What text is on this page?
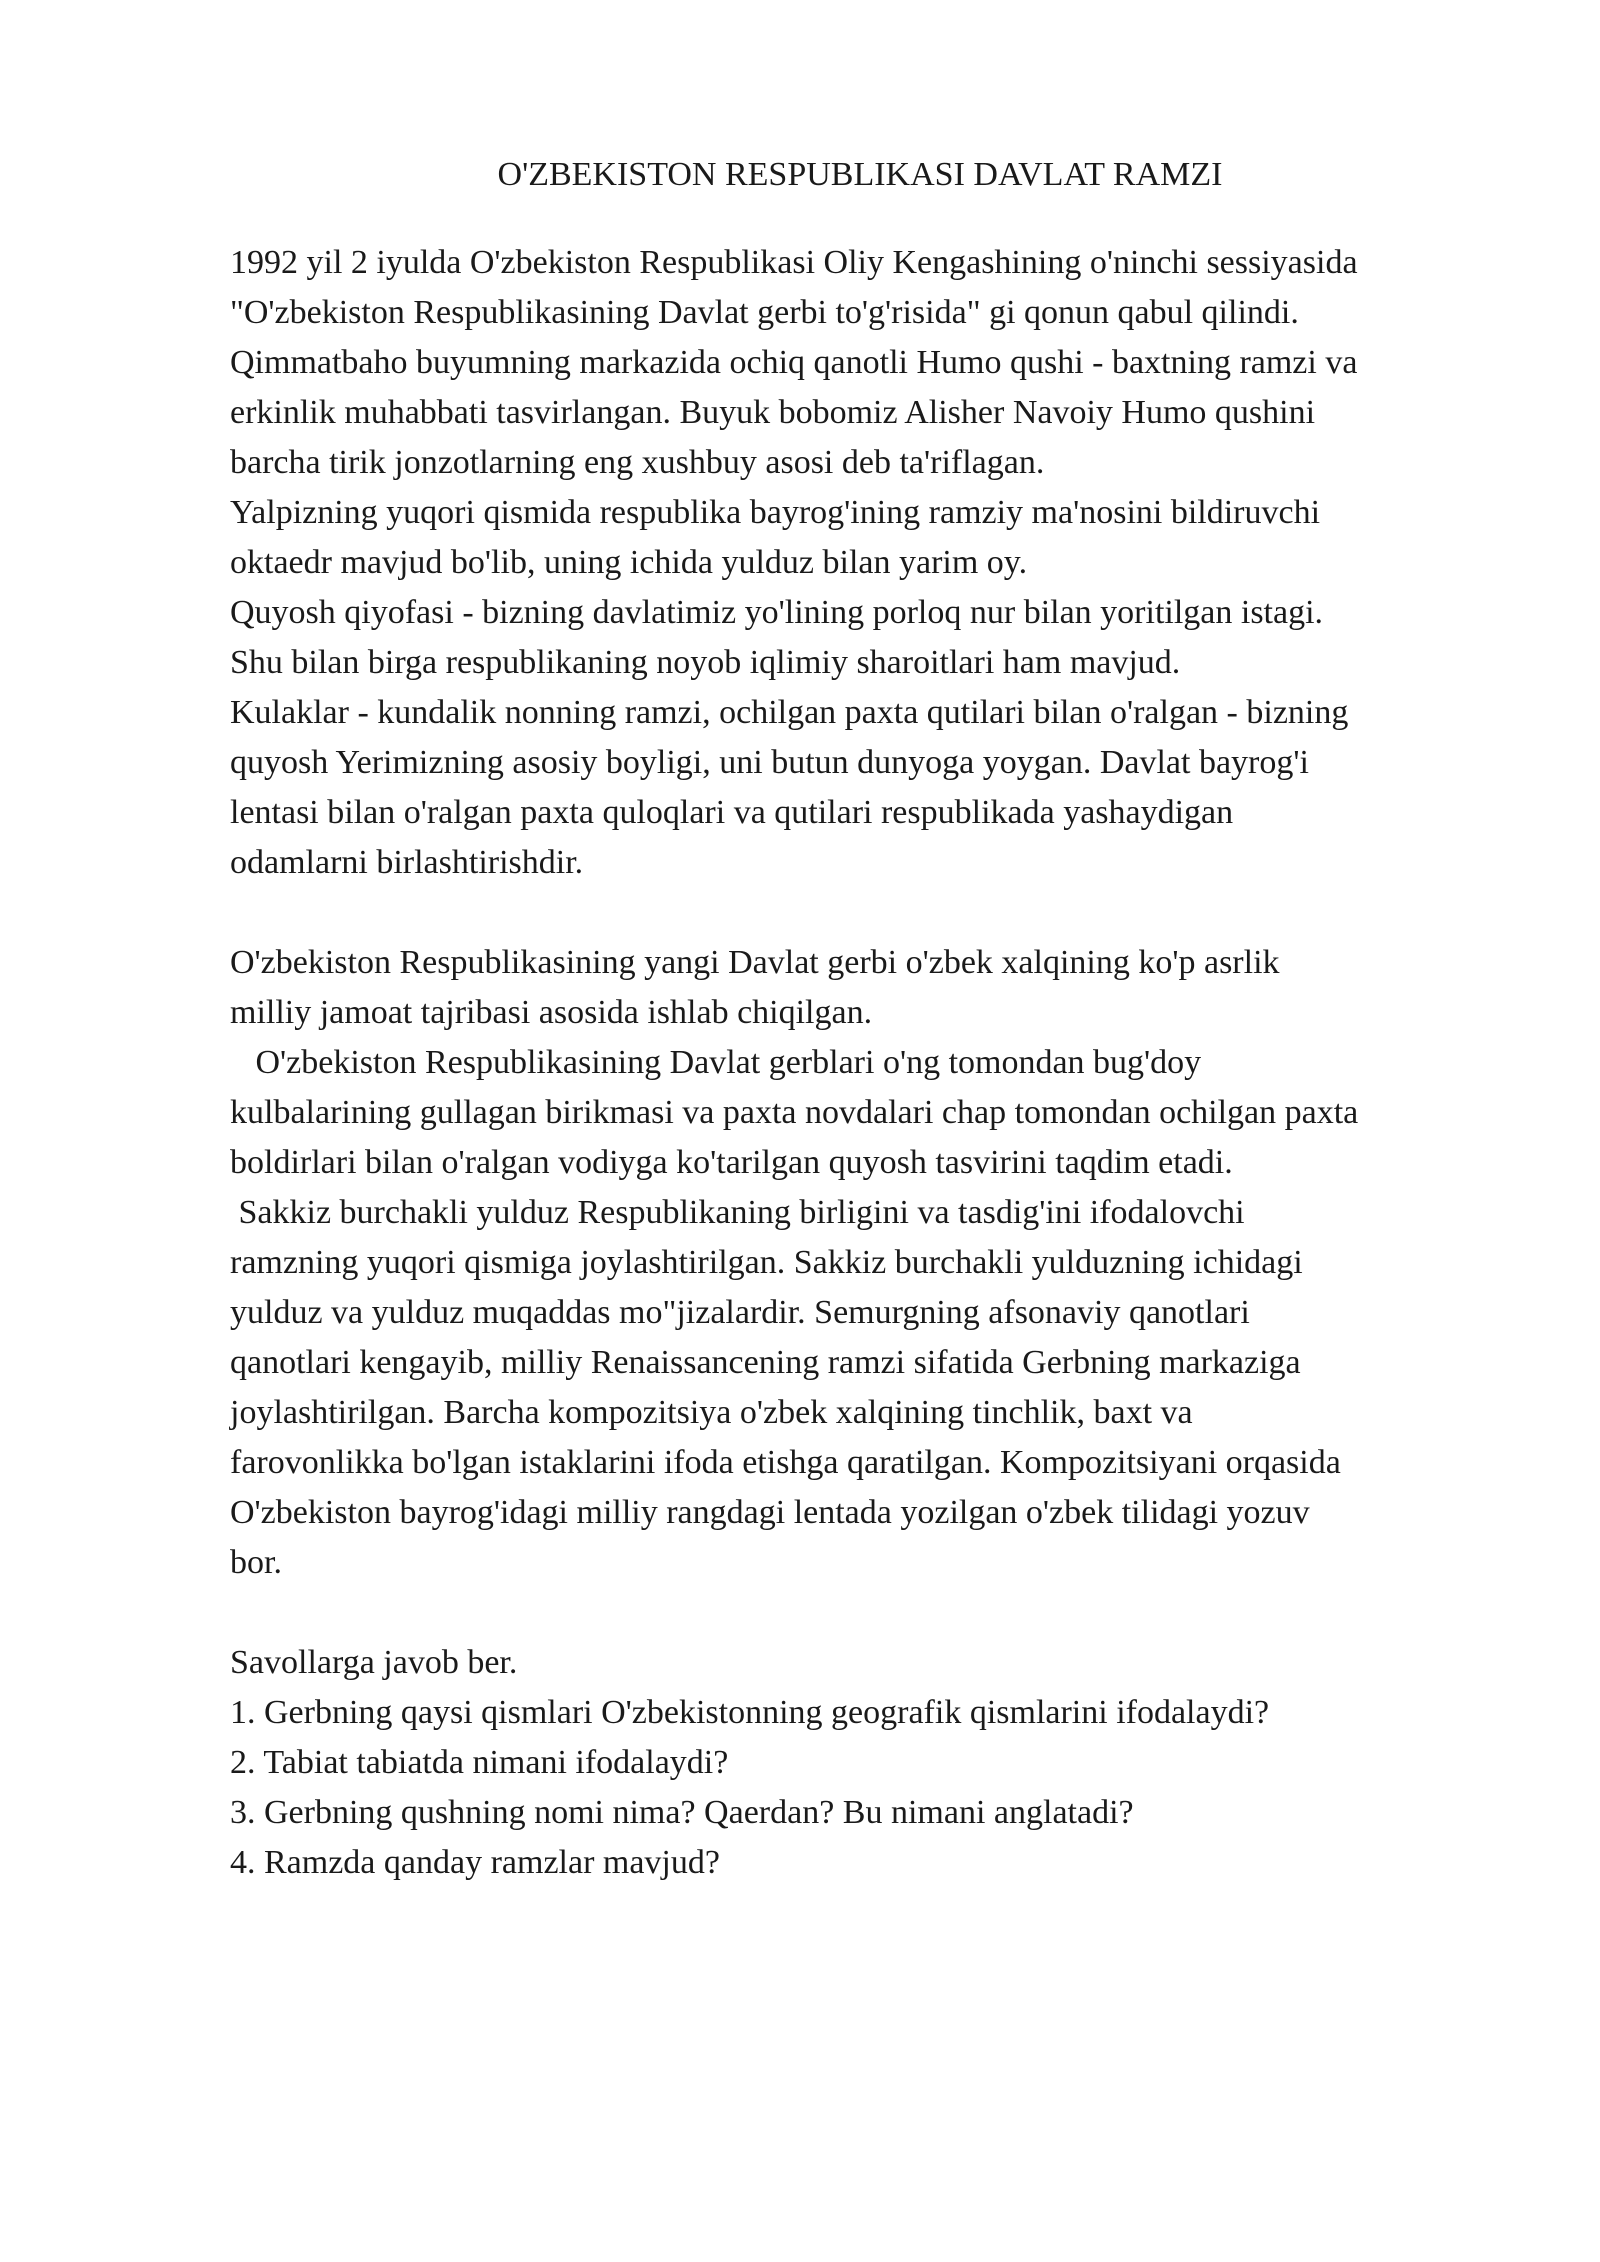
O'ZBEKISTON RESPUBLIKASI DAVLAT RAMZI
1992 yil 2 iyulda O'zbekiston Respublikasi Oliy Kengashining o'ninchi sessiyasida
"O'zbekiston Respublikasining Davlat gerbi to'g'risida" gi qonun qabul qilindi.
Qimmatbaho buyumning markazida ochiq qanotli Humo qushi - baxtning ramzi va
erkinlik muhabbati tasvirlangan. Buyuk bobomiz Alisher Navoiy Humo qushini
barcha tirik jonzotlarning eng xushbuy asosi deb ta'riflagan.
Yalpizning yuqori qismida respublika bayrog'ining ramziy ma'nosini bildiruvchi
oktaedr mavjud bo'lib, uning ichida yulduz bilan yarim oy.
Quyosh qiyofasi - bizning davlatimiz yo'lining porloq nur bilan yoritilgan istagi.
Shu bilan birga respublikaning noyob iqlimiy sharoitlari ham mavjud.
Kulaklar - kundalik nonning ramzi, ochilgan paxta qutilari bilan o'ralgan - bizning
quyosh Yerimizning asosiy boyligi, uni butun dunyoga yoygan. Davlat bayrog'i
lentasi bilan o'ralgan paxta quloqlari va qutilari respublikada yashaydigan
odamlarni birlashtirishdir.
O'zbekiston Respublikasining yangi Davlat gerbi o'zbek xalqining ko'p asrlik
milliy jamoat tajribasi asosida ishlab chiqilgan.
O'zbekiston Respublikasining Davlat gerblari o'ng tomondan bug'doy
kulbalarining gullagan birikmasi va paxta novdalari chap tomondan ochilgan paxta
boldirlari bilan o'ralgan vodiyga ko'tarilgan quyosh tasvirini taqdim etadi.
Sakkiz burchakli yulduz Respublikaning birligini va tasdig'ini ifodalovchi
ramzning yuqori qismiga joylashtirilgan. Sakkiz burchakli yulduzning ichidagi
yulduz va yulduz muqaddas mo"jizalardir. Semurgning afsonaviy qanotlari
qanotlari kengayib, milliy Renaissancening ramzi sifatida Gerbning markaziga
joylashtirilgan. Barcha kompozitsiya o'zbek xalqining tinchlik, baxt va
farovonlikka bo'lgan istaklarini ifoda etishga qaratilgan. Kompozitsiyani orqasida
O'zbekiston bayrog'idagi milliy rangdagi lentada yozilgan o'zbek tilidagi yozuv
bor.
Savollarga javob ber.
1. Gerbning qaysi qismlari O'zbekistonning geografik qismlarini ifodalaydi?
2. Tabiat tabiatda nimani ifodalaydi?
3. Gerbning qushning nomi nima? Qaerdan? Bu nimani anglatadi?
4. Ramzda qanday ramzlar mavjud?
